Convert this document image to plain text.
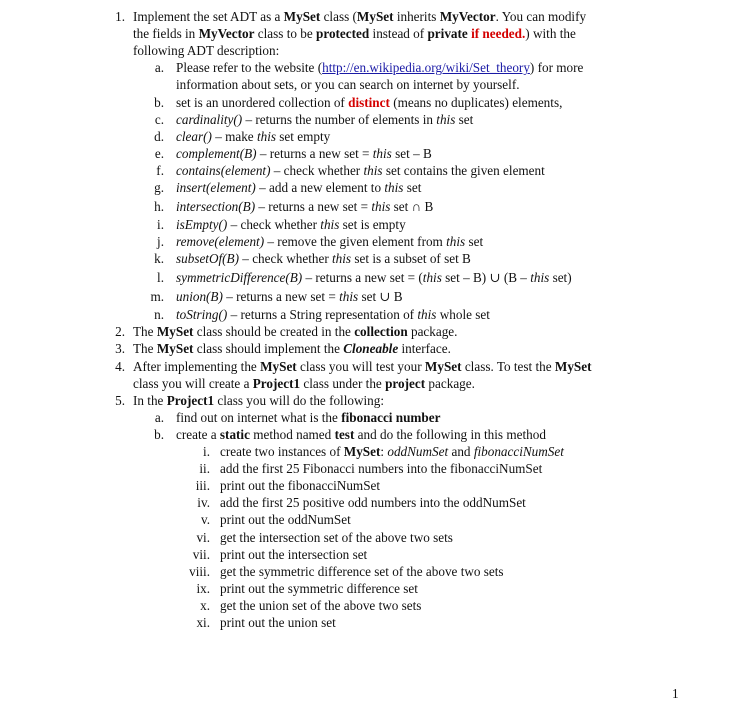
1
1. Implement the set ADT as a MySet class (MySet inherits MyVector. You can modify
the fields in MyVector class to be protected instead of private if needed.) with the
following ADT description:
a. Please refer to the website (http://en.wikipedia.org/wiki/Set_theory) for more
information about sets, or you can search on internet by yourself.
b. set is an unordered collection of distinct (means no duplicates) elements,
c. cardinality() – returns the number of elements in this set
d. clear() – make this set empty
e. complement(B) – returns a new set = this set – B
f. contains(element) – check whether this set contains the given element
g. insert(element) – add a new element to this set
h. intersection(B) – returns a new set = this set ∩ B
i. isEmpty() – check whether this set is empty
j. remove(element) – remove the given element from this set
k. subsetOf(B) – check whether this set is a subset of set B
l. symmetricDifference(B) – returns a new set = (this set – B) ∪ (B – this set)
m. union(B) – returns a new set = this set ∪ B
n. toString() – returns a String representation of this whole set
2. The MySet class should be created in the collection package.
3. The MySet class should implement the Cloneable interface.
4. After implementing the MySet class you will test your MySet class. To test the MySet
class you will create a Project1 class under the project package.
5. In the Project1 class you will do the following:
a. find out on internet what is the fibonacci number
b. create a static method named test and do the following in this method
i. create two instances of MySet: oddNumSet and fibonacciNumSet
ii. add the first 25 Fibonacci numbers into the fibonacciNumSet
iii. print out the fibonacciNumSet
iv. add the first 25 positive odd numbers into the oddNumSet
v. print out the oddNumSet
vi. get the intersection set of the above two sets
vii. print out the intersection set
viii. get the symmetric difference set of the above two sets
ix. print out the symmetric difference set
x. get the union set of the above two sets
xi. print out the union set
